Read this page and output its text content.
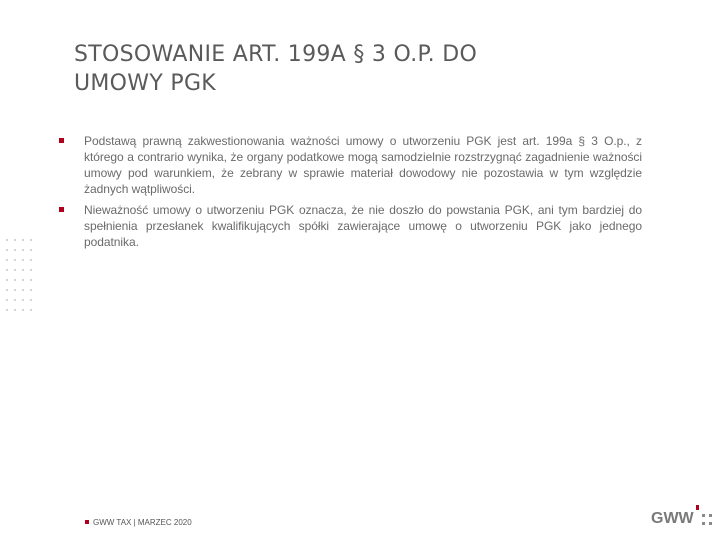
STOSOWANIE ART. 199A § 3 O.P. DO
UMOWY PGK
Podstawą prawną zakwestionowania ważności umowy o utworzeniu PGK jest art. 199a § 3 O.p., z którego a contrario wynika, że organy podatkowe mogą samodzielnie rozstrzygnąć zagadnienie ważności umowy pod warunkiem, że zebrany w sprawie materiał dowodowy nie pozostawia w tym względzie żadnych wątpliwości.
Nieważność umowy o utworzeniu PGK oznacza, że nie doszło do powstania PGK, ani tym bardziej do spełnienia przesłanek kwalifikujących spółki zawierające umowę o utworzeniu PGK jako jednego podatnika.
GWW TAX | MARZEC 2020	GWW
